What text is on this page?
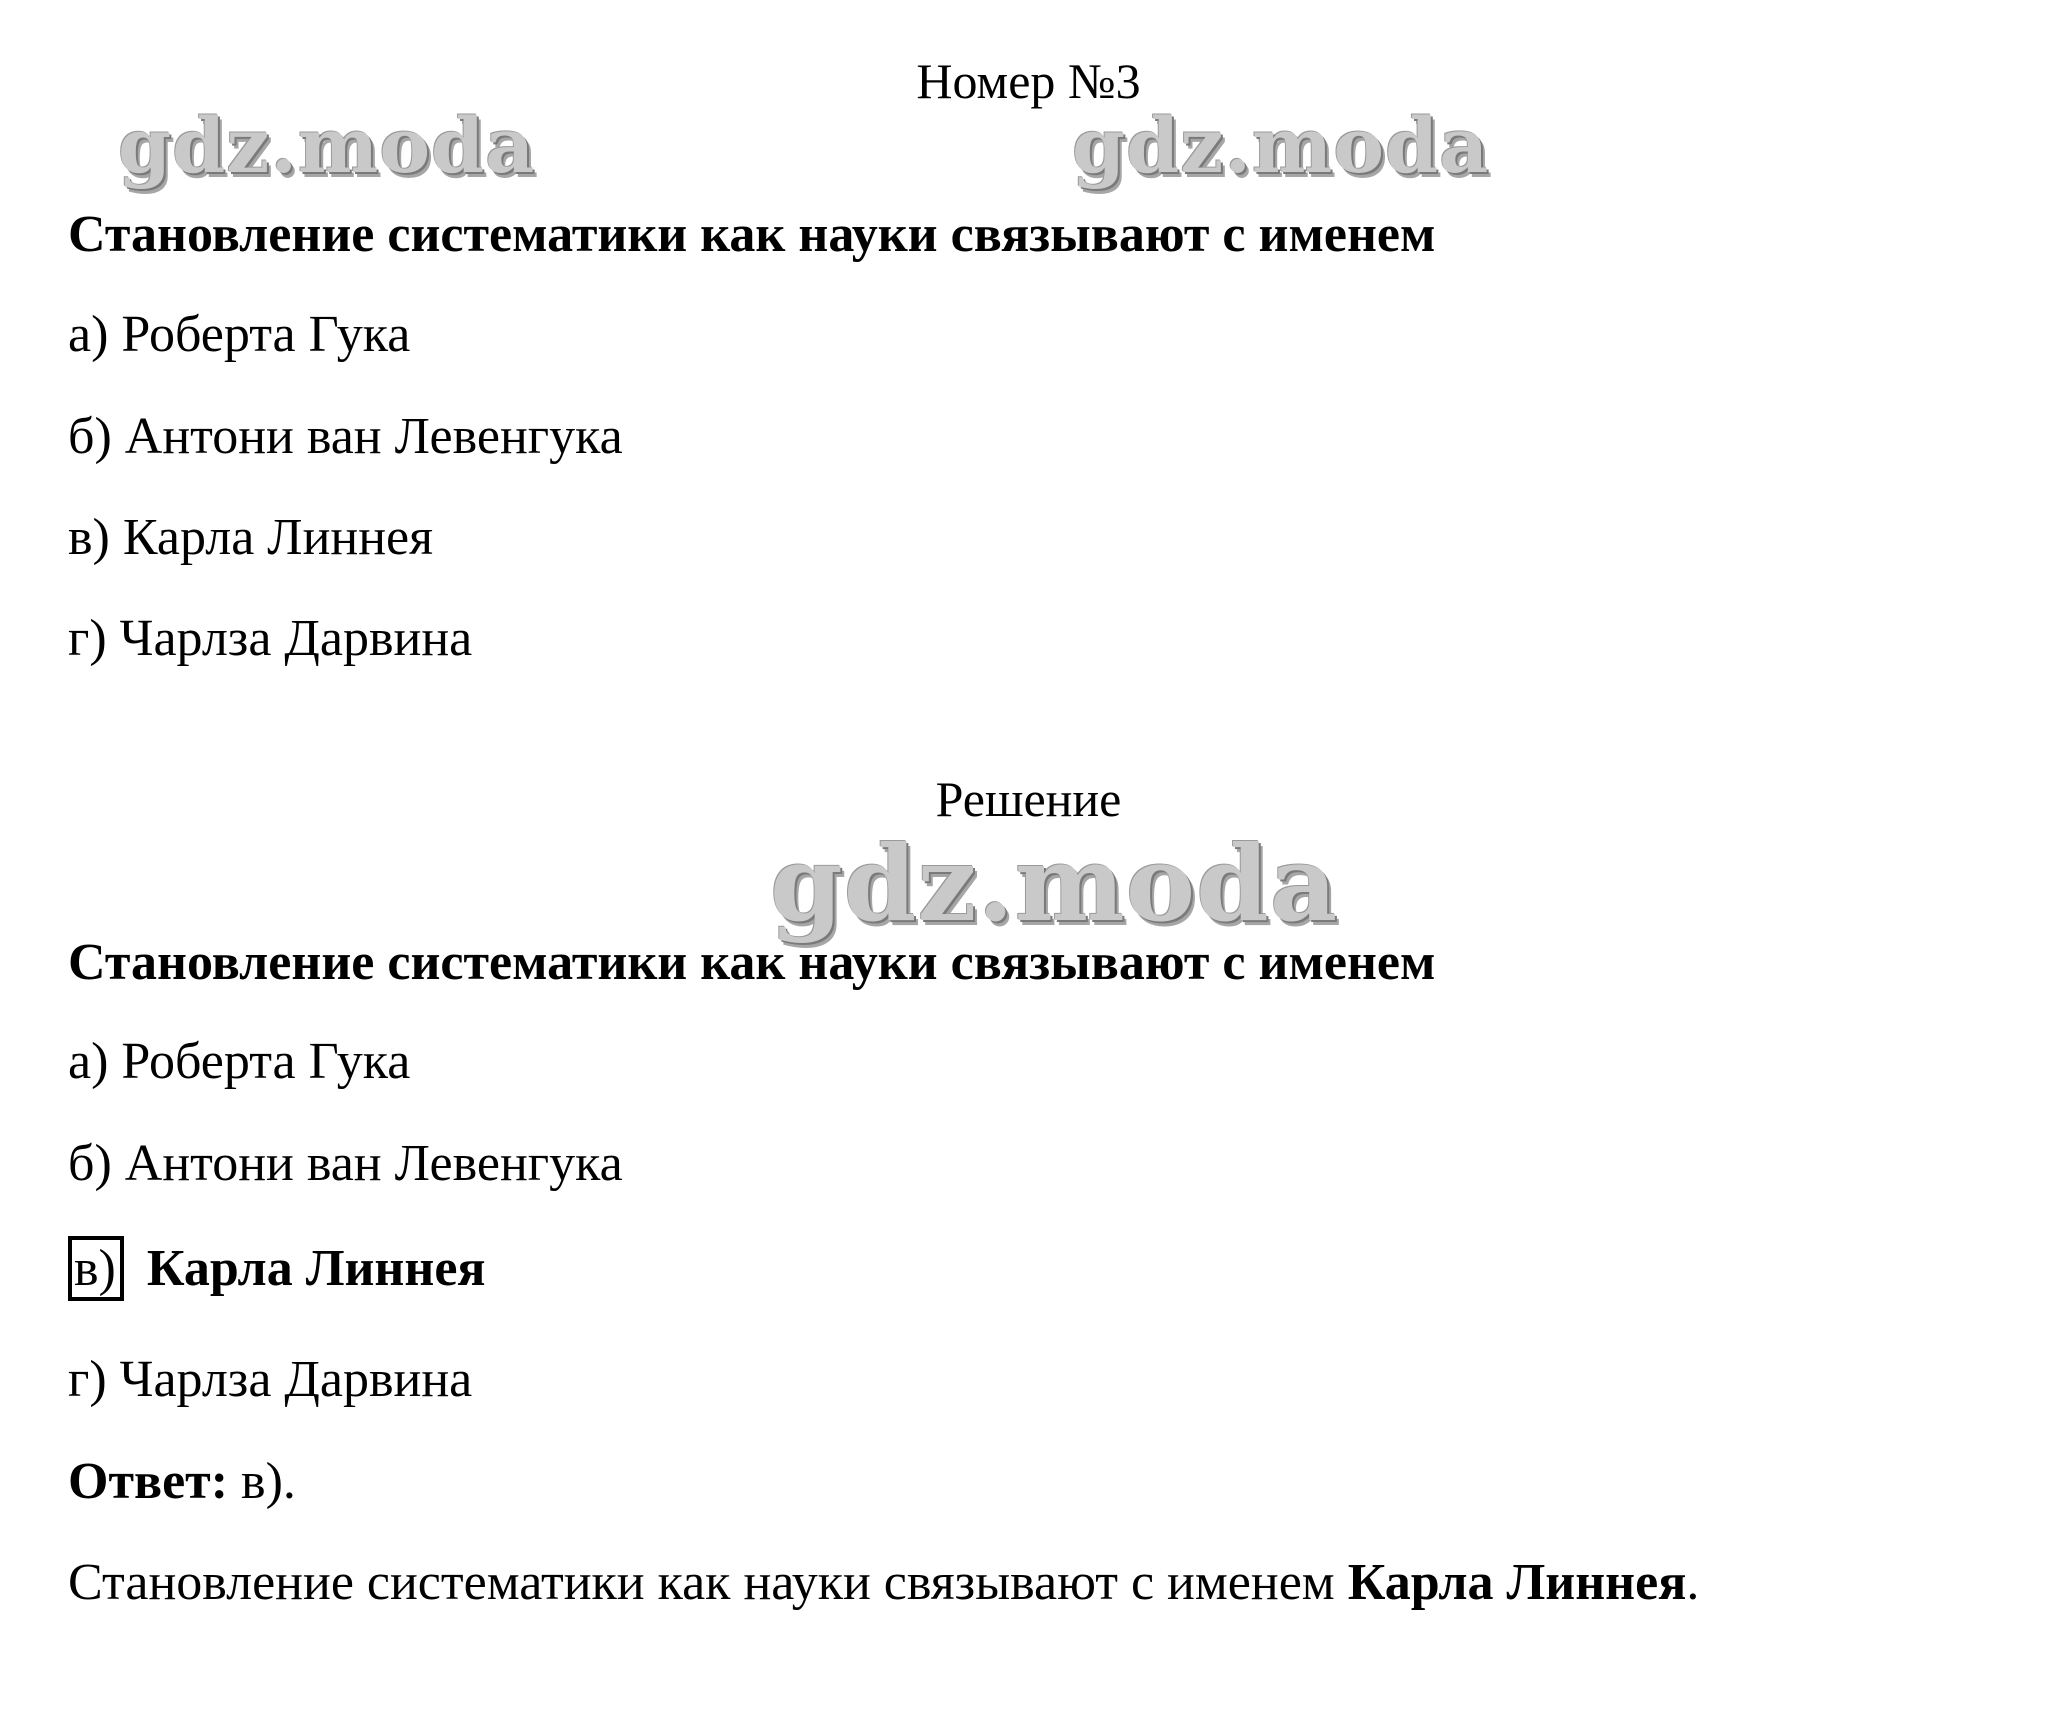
Номер №3
gdz.moda	gdz.moda
Становление систематики как науки связывают с именем
а) Роберта Гука
б) Антони ван Левенгука
в) Карла Линнея
г) Чарлза Дарвина
Решение
gdz.moda
Становление систематики как науки связывают с именем
а) Роберта Гука
б) Антони ван Левенгука
в) Карла Линнея
г) Чарлза Дарвина
Ответ: в).
Становление систематики как науки связывают с именем Карла Линнея.
